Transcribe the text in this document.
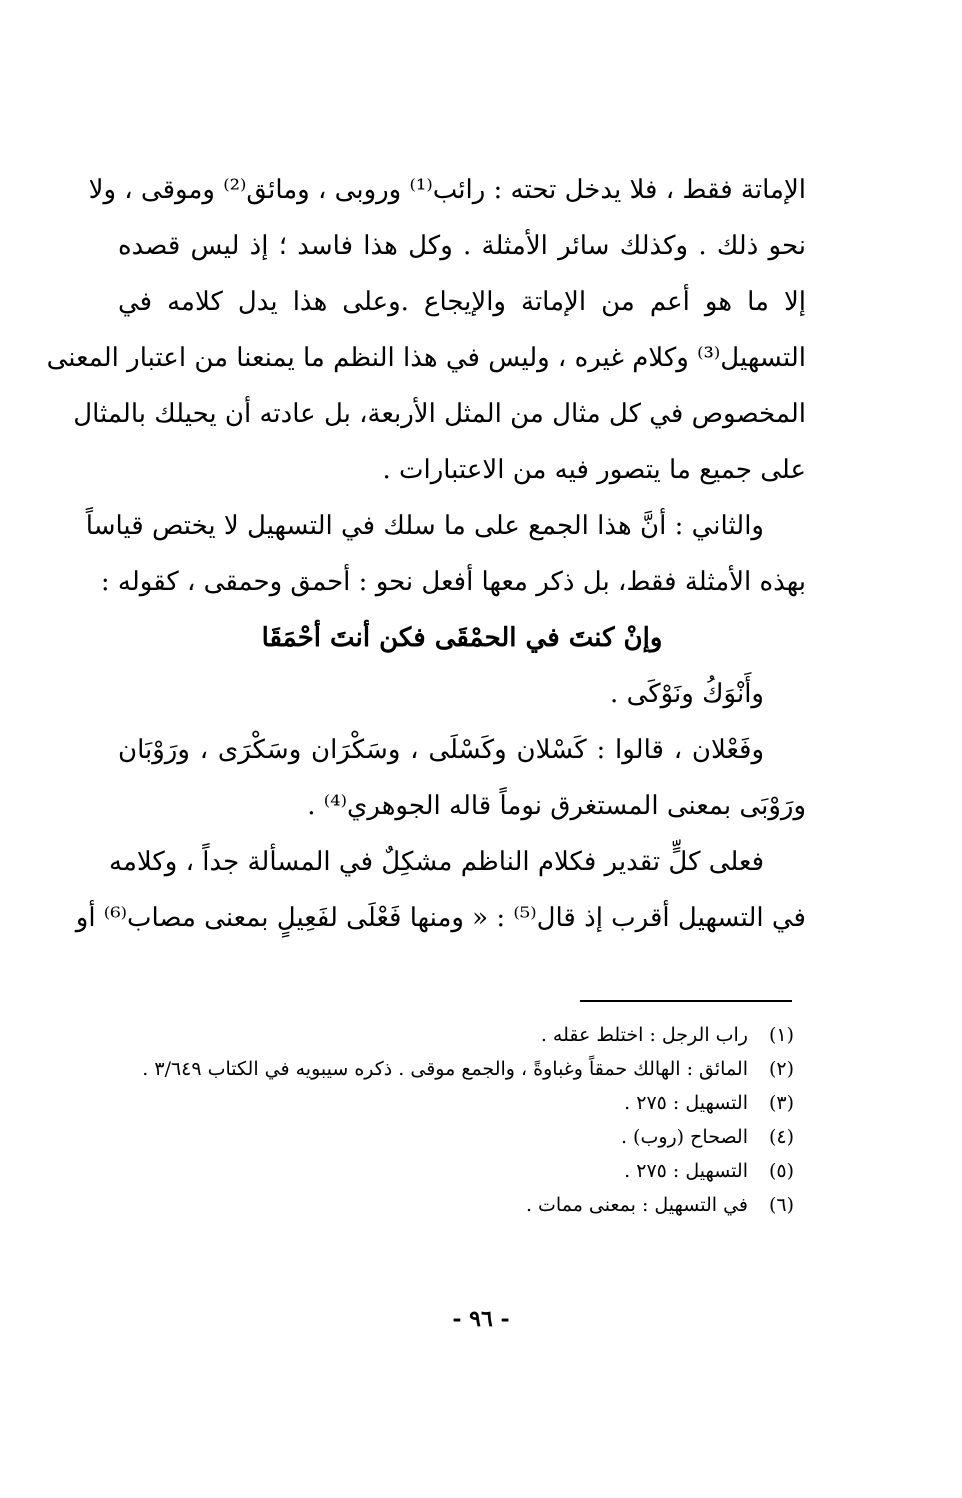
الإماتة فقط ، فلا يدخل تحته : رائب⁽¹⁾ وروبى ، ومائق⁽²⁾ وموقى ، ولا
نحو ذلك . وكذلك سائر الأمثلة . وكل هذا فاسد ؛ إذ ليس قصده
إلا ما هو أعم من الإماتة والإيجاع .وعلى هذا يدل كلامه في
التسهيل⁽³⁾ وكلام غيره ، وليس في هذا النظم ما يمنعنا من اعتبار المعنى
المخصوص في كل مثال من المثل الأربعة، بل عادته أن يحيلك بالمثال
على جميع ما يتصور فيه من الاعتبارات .
والثاني : أنَّ هذا الجمع على ما سلك في التسهيل لا يختص قياساً
بهذه الأمثلة فقط، بل ذكر معها أفعل نحو : أحمق وحمقى ، كقوله :
وإنْ كنتَ في الحمْقَى فكن أنتَ أحْمَقَا
وأَنْوَكُ ونَوْكَى .
وفَعْلان ، قالوا : كَسْلان وكَسْلَى ، وسَكْرَان وسَكْرَى ، ورَوْبَان
ورَوْبَى بمعنى المستغرق نوماً قاله الجوهري⁽⁴⁾ .
فعلى كلٍّ تقدير فكلام الناظم مشكِلٌ في المسألة جداً ، وكلامه
في التسهيل أقرب إذ قال⁽⁵⁾ : « ومنها فَعْلَى لفَعِيلٍ بمعنى مصاب⁽⁶⁾ أو
(١)
راب الرجل : اختلط عقله .
(٢)
المائق : الهالك حمقاً وغباوةً ، والجمع موقى . ذكره سيبويه في الكتاب ٣/٦٤٩ .
(٣)
التسهيل : ٢٧٥ .
(٤)
الصحاح (روب) .
(٥)
التسهيل : ٢٧٥ .
(٦)
في التسهيل : بمعنى ممات .
- ٩٦ -
